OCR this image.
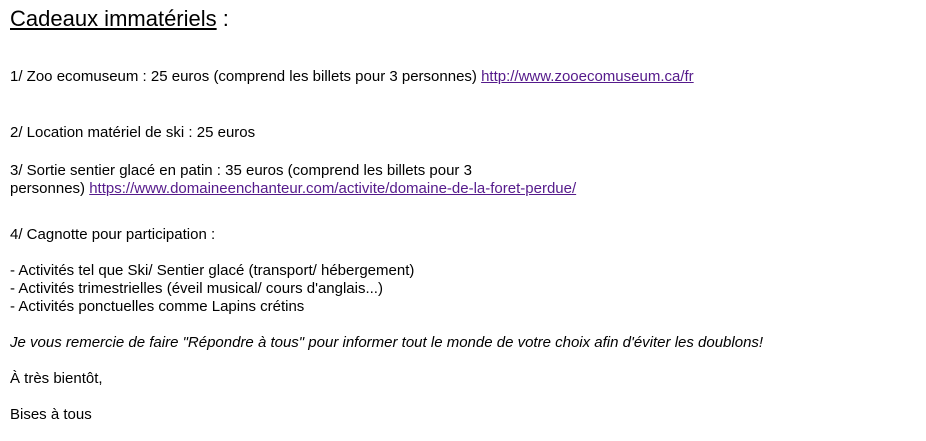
Cadeaux immatériels :
1/ Zoo ecomuseum : 25 euros (comprend les billets pour 3 personnes) http://www.zooecomuseum.ca/fr
2/ Location matériel de ski : 25 euros
3/ Sortie sentier glacé en patin : 35 euros (comprend les billets pour 3
personnes) https://www.domaineenchanteur.com/activite/domaine-de-la-foret-perdue/
4/ Cagnotte pour participation :
- Activités tel que Ski/ Sentier glacé (transport/ hébergement)
- Activités trimestrielles (éveil musical/ cours d'anglais...)
- Activités ponctuelles comme Lapins crétins
Je vous remercie de faire "Répondre à tous" pour informer tout le monde de votre choix afin d'éviter les doublons!
À très bientôt,
Bises à tous
